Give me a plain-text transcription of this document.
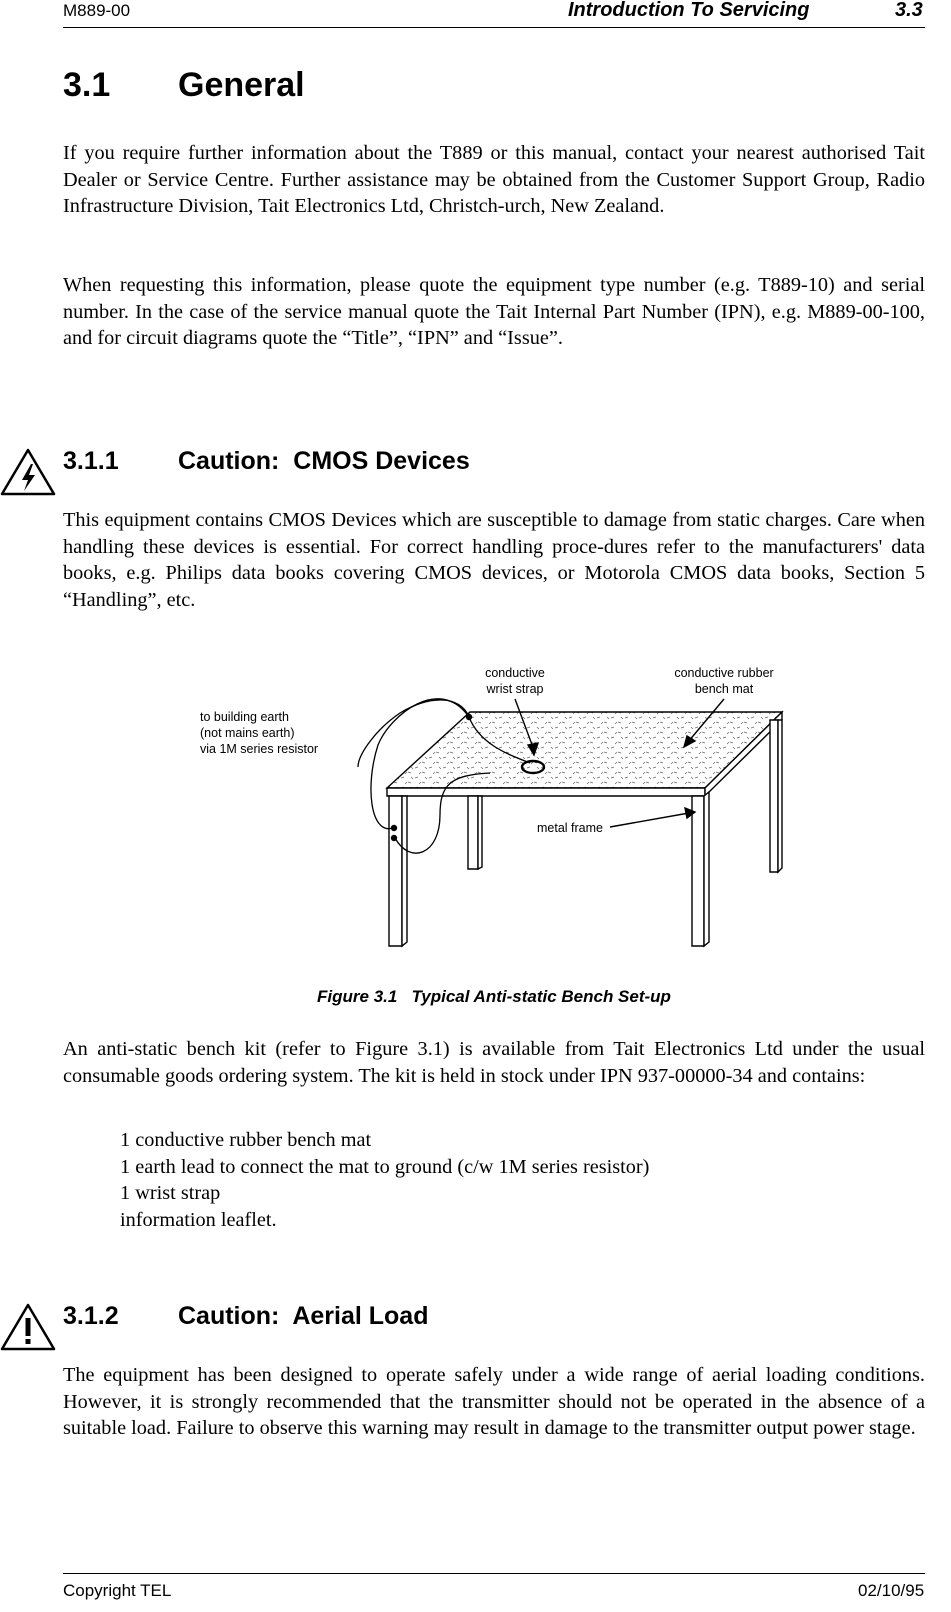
M889-00	Introduction To Servicing	3.3
3.1 General
If you require further information about the T889 or this manual, contact your nearest authorised Tait Dealer or Service Centre. Further assistance may be obtained from the Customer Support Group, Radio Infrastructure Division, Tait Electronics Ltd, Christch-urch, New Zealand.
When requesting this information, please quote the equipment type number (e.g. T889-10) and serial number. In the case of the service manual quote the Tait Internal Part Number (IPN), e.g. M889-00-100, and for circuit diagrams quote the “Title”, “IPN” and “Issue”.
3.1.1 Caution:  CMOS Devices
This equipment contains CMOS Devices which are susceptible to damage from static charges. Care when handling these devices is essential. For correct handling proce-dures refer to the manufacturers' data books, e.g. Philips data books covering CMOS devices, or Motorola CMOS data books, Section 5 “Handling”, etc.
conductive
wrist strap
conductive rubber
bench mat
to building earth
(not mains earth)
via 1M series resistor
metal frame
Figure 3.1   Typical Anti-static Bench Set-up
An anti-static bench kit (refer to Figure 3.1) is available from Tait Electronics Ltd under the usual consumable goods ordering system. The kit is held in stock under IPN 937-00000-34 and contains:
1 conductive rubber bench mat
1 earth lead to connect the mat to ground (c/w 1M series resistor)
1 wrist strap
information leaflet.
3.1.2 Caution:  Aerial Load
The equipment has been designed to operate safely under a wide range of aerial loading conditions. However, it is strongly recommended that the transmitter should not be operated in the absence of a suitable load. Failure to observe this warning may result in damage to the transmitter output power stage.
Copyright TEL	02/10/95
